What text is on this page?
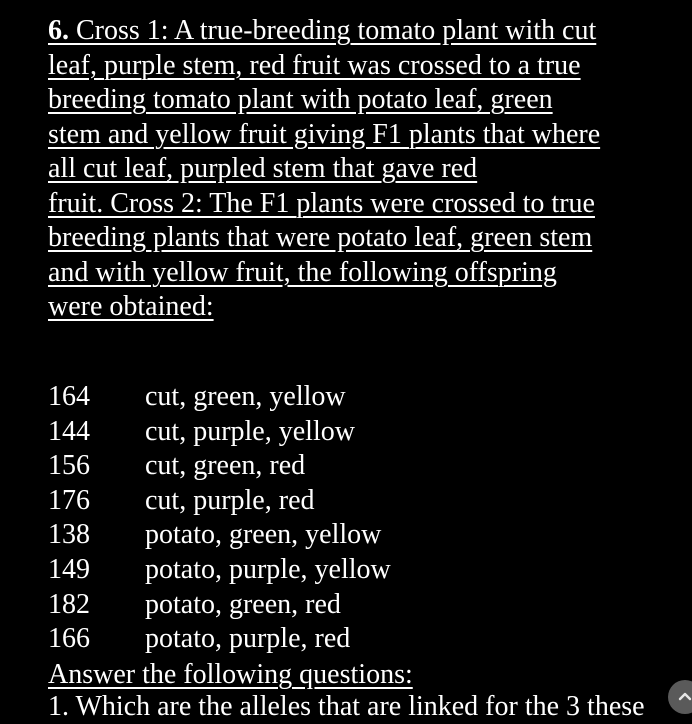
6. Cross 1: A true-breeding tomato plant with cut
leaf, purple stem, red fruit was crossed to a true
breeding tomato plant with potato leaf, green
stem and yellow fruit giving F1 plants that where
all cut leaf, purpled stem that gave red
fruit. Cross 2: The F1 plants were crossed to true
breeding plants that were potato leaf, green stem
and with yellow fruit, the following offspring
were obtained:
164	cut, green, yellow
144	cut, purple, yellow
156	cut, green, red
176	cut, purple, red
138	potato, green, yellow
149	potato, purple, yellow
182	potato, green, red
166	potato, purple, red
Answer the following questions:
1. Which are the alleles that are linked for the 3 these
